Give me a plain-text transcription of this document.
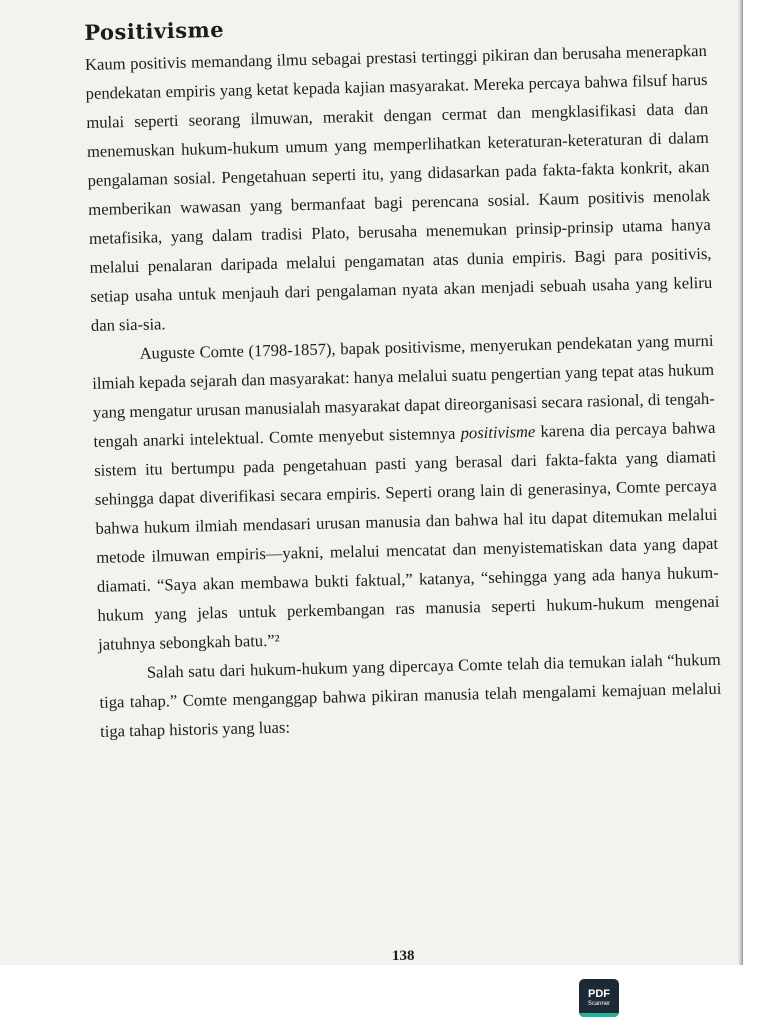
Positivisme

Kaum positivis memandang ilmu sebagai prestasi tertinggi pikiran dan berusaha menerapkan pendekatan empiris yang ketat kepada kajian masyarakat. Mereka percaya bahwa filsuf harus mulai seperti seorang ilmuwan, merakit dengan cermat dan mengklasifikasi data dan menemuskan hukum-hukum umum yang memperlihatkan keteraturan-keteraturan di dalam pengalaman sosial. Pengetahuan seperti itu, yang didasarkan pada fakta-fakta konkrit, akan memberikan wawasan yang bermanfaat bagi perencana sosial. Kaum positivis menolak metafisika, yang dalam tradisi Plato, berusaha menemukan prinsip-prinsip utama hanya melalui penalaran daripada melalui pengamatan atas dunia empiris. Bagi para positivis, setiap usaha untuk menjauh dari pengalaman nyata akan menjadi sebuah usaha yang keliru dan sia-sia.

Auguste Comte (1798-1857), bapak positivisme, menyerukan pendekatan yang murni ilmiah kepada sejarah dan masyarakat: hanya melalui suatu pengertian yang tepat atas hukum yang mengatur urusan manusialah masyarakat dapat direorganisasi secara rasional, di tengah-tengah anarki intelektual. Comte menyebut sistemnya positivisme karena dia percaya bahwa sistem itu bertumpu pada pengetahuan pasti yang berasal dari fakta-fakta yang diamati sehingga dapat diverifikasi secara empiris. Seperti orang lain di generasinya, Comte percaya bahwa hukum ilmiah mendasari urusan manusia dan bahwa hal itu dapat ditemukan melalui metode ilmuwan empiris—yakni, melalui mencatat dan menyistematiskan data yang dapat diamati. “Saya akan membawa bukti faktual,” katanya, “sehingga yang ada hanya hukum-hukum yang jelas untuk perkembangan ras manusia seperti hukum-hukum mengenai jatuhnya sebongkah batu.”²

Salah satu dari hukum-hukum yang dipercaya Comte telah dia temukan ialah “hukum tiga tahap.” Comte menganggap bahwa pikiran manusia telah mengalami kemajuan melalui tiga tahap historis yang luas:

138
PDF
Scanner
